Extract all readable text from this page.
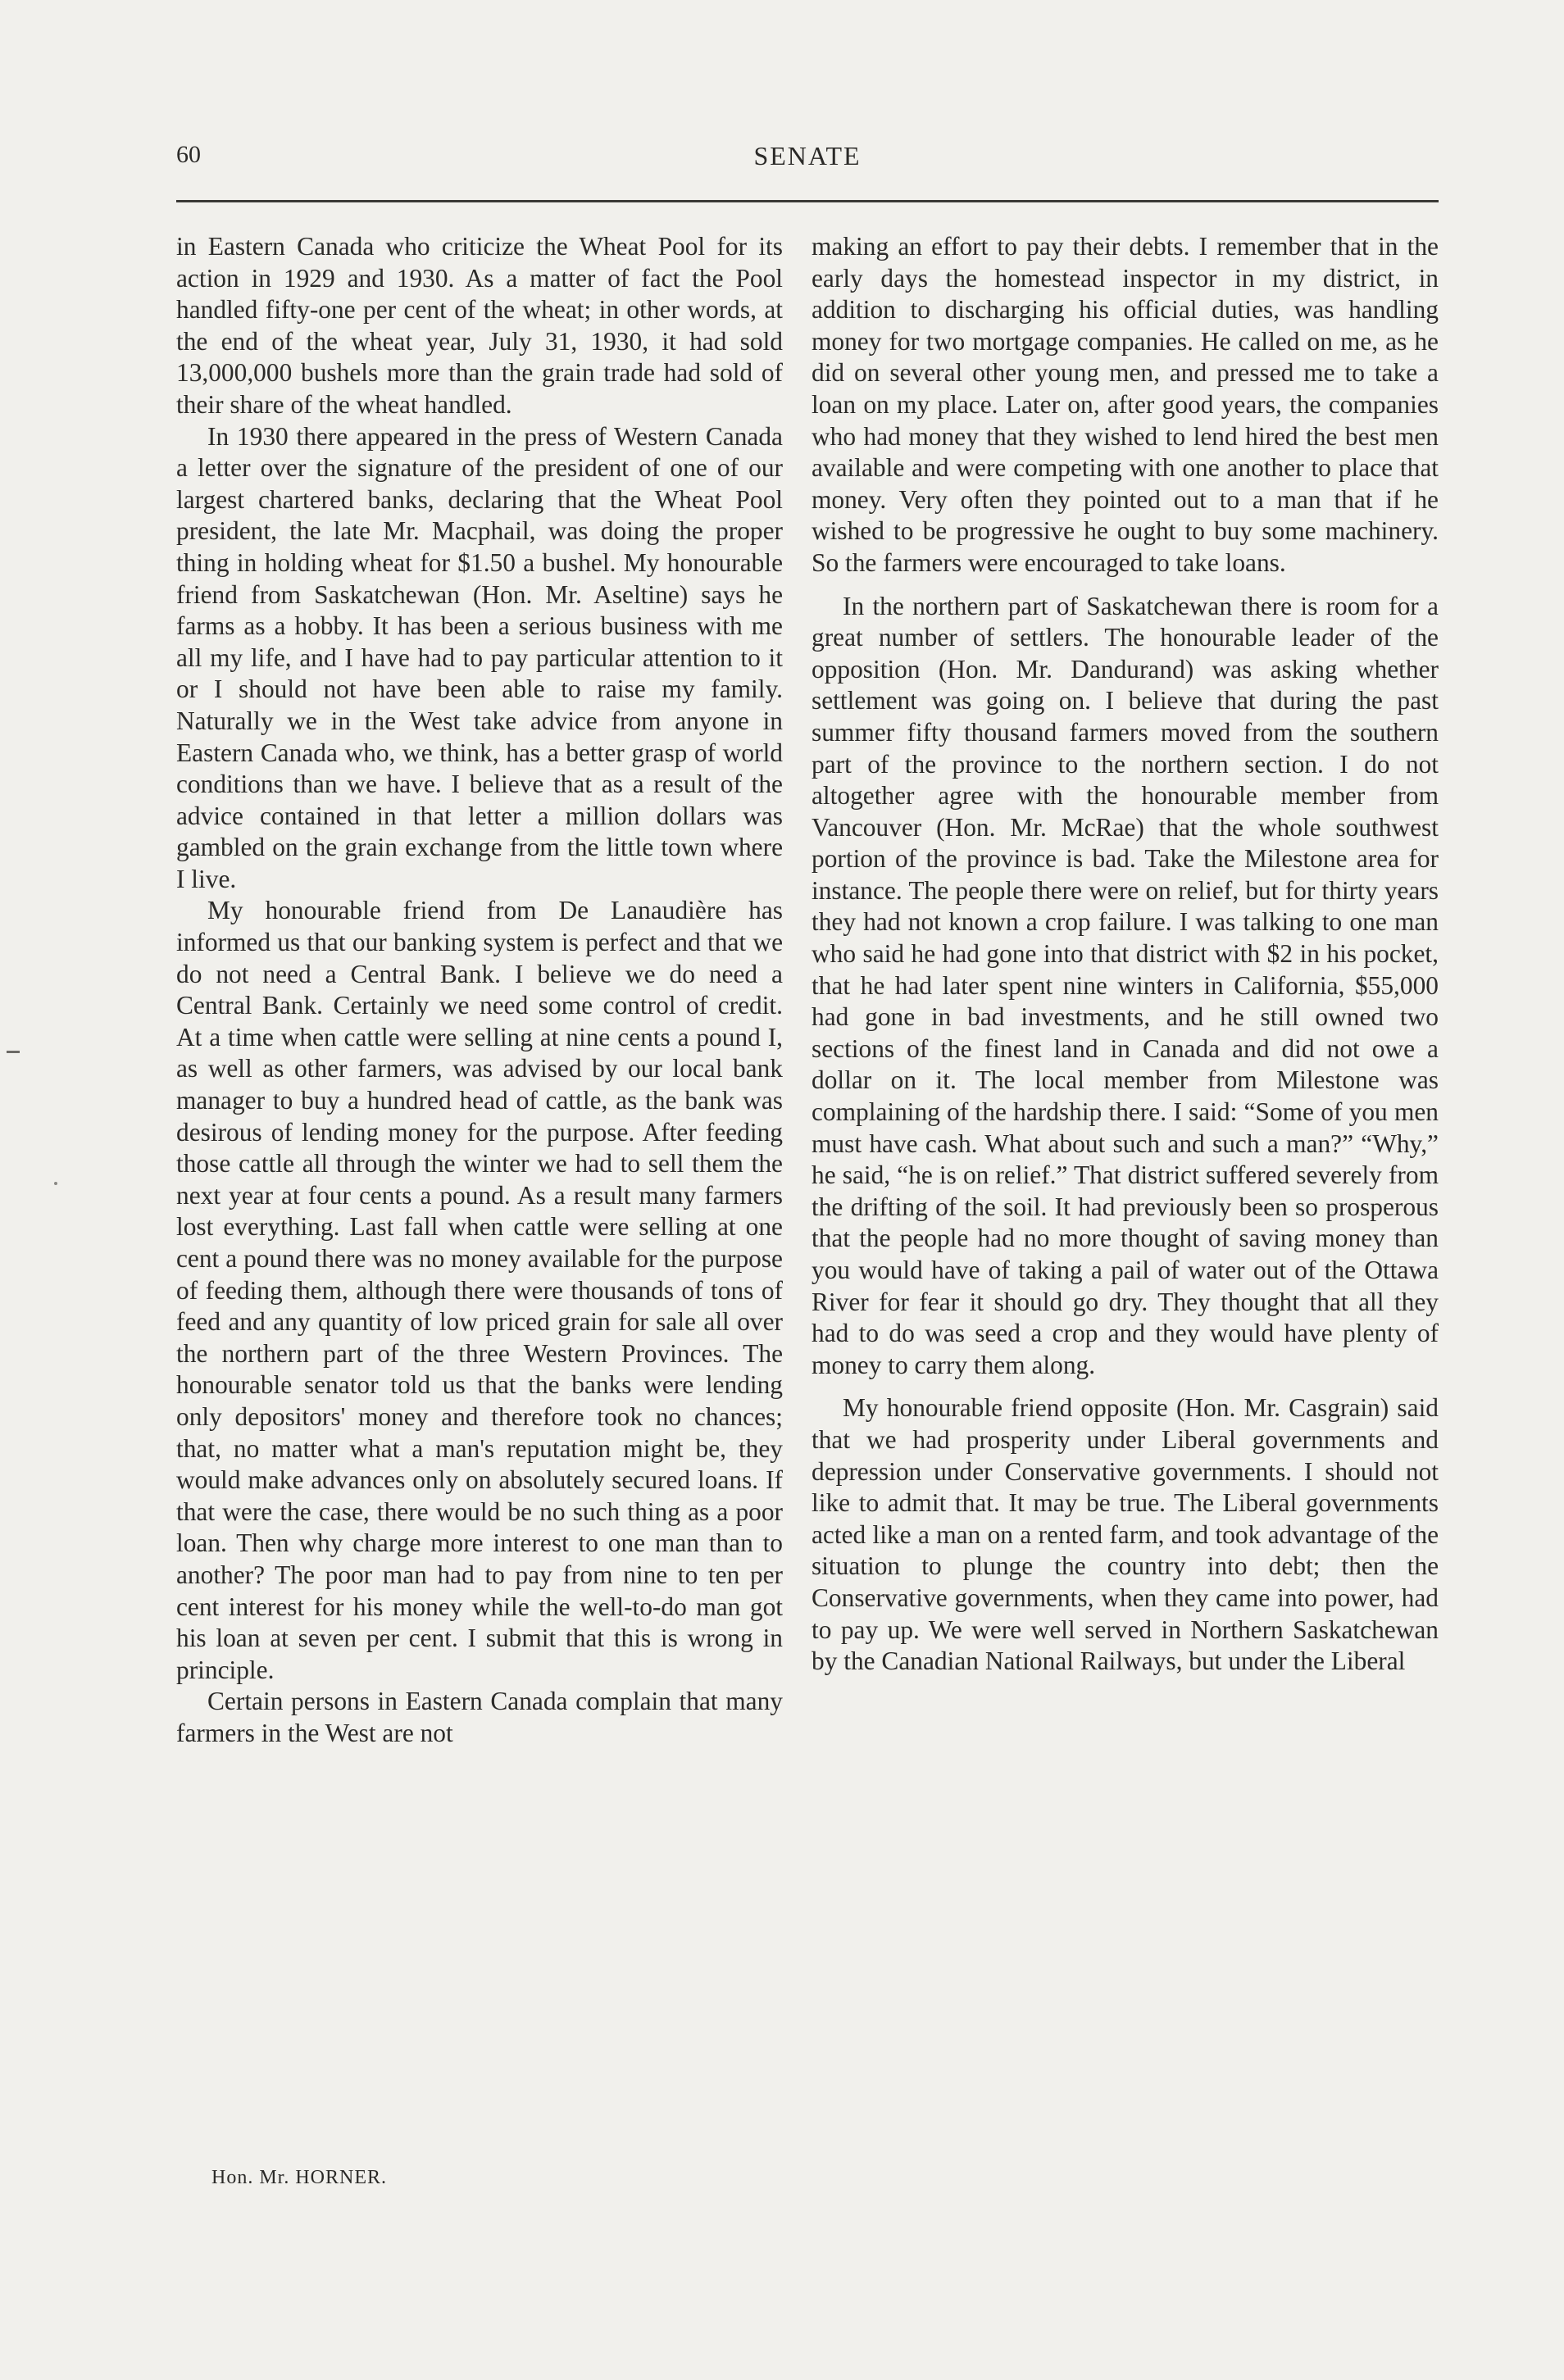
60	SENATE

in Eastern Canada who criticize the Wheat Pool for its action in 1929 and 1930. As a matter of fact the Pool handled fifty-one per cent of the wheat; in other words, at the end of the wheat year, July 31, 1930, it had sold 13,000,000 bushels more than the grain trade had sold of their share of the wheat handled.

In 1930 there appeared in the press of Western Canada a letter over the signature of the president of one of our largest chartered banks, declaring that the Wheat Pool president, the late Mr. Macphail, was doing the proper thing in holding wheat for $1.50 a bushel. My honourable friend from Saskatchewan (Hon. Mr. Aseltine) says he farms as a hobby. It has been a serious business with me all my life, and I have had to pay particular attention to it or I should not have been able to raise my family. Naturally we in the West take advice from anyone in Eastern Canada who, we think, has a better grasp of world conditions than we have. I believe that as a result of the advice contained in that letter a million dollars was gambled on the grain exchange from the little town where I live.

My honourable friend from De Lanaudière has informed us that our banking system is perfect and that we do not need a Central Bank. I believe we do need a Central Bank. Certainly we need some control of credit. At a time when cattle were selling at nine cents a pound I, as well as other farmers, was advised by our local bank manager to buy a hundred head of cattle, as the bank was desirous of lending money for the purpose. After feeding those cattle all through the winter we had to sell them the next year at four cents a pound. As a result many farmers lost everything. Last fall when cattle were selling at one cent a pound there was no money available for the purpose of feeding them, although there were thousands of tons of feed and any quantity of low priced grain for sale all over the northern part of the three Western Provinces. The honourable senator told us that the banks were lending only depositors' money and therefore took no chances; that, no matter what a man's reputation might be, they would make advances only on absolutely secured loans. If that were the case, there would be no such thing as a poor loan. Then why charge more interest to one man than to another? The poor man had to pay from nine to ten per cent interest for his money while the well-to-do man got his loan at seven per cent. I submit that this is wrong in principle.

Certain persons in Eastern Canada complain that many farmers in the West are not

making an effort to pay their debts. I remember that in the early days the homestead inspector in my district, in addition to discharging his official duties, was handling money for two mortgage companies. He called on me, as he did on several other young men, and pressed me to take a loan on my place. Later on, after good years, the companies who had money that they wished to lend hired the best men available and were competing with one another to place that money. Very often they pointed out to a man that if he wished to be progressive he ought to buy some machinery. So the farmers were encouraged to take loans.

In the northern part of Saskatchewan there is room for a great number of settlers. The honourable leader of the opposition (Hon. Mr. Dandurand) was asking whether settlement was going on. I believe that during the past summer fifty thousand farmers moved from the southern part of the province to the northern section. I do not altogether agree with the honourable member from Vancouver (Hon. Mr. McRae) that the whole southwest portion of the province is bad. Take the Milestone area for instance. The people there were on relief, but for thirty years they had not known a crop failure. I was talking to one man who said he had gone into that district with $2 in his pocket, that he had later spent nine winters in California, $55,000 had gone in bad investments, and he still owned two sections of the finest land in Canada and did not owe a dollar on it. The local member from Milestone was complaining of the hardship there. I said: “Some of you men must have cash. What about such and such a man?” “Why,” he said, “he is on relief.” That district suffered severely from the drifting of the soil. It had previously been so prosperous that the people had no more thought of saving money than you would have of taking a pail of water out of the Ottawa River for fear it should go dry. They thought that all they had to do was seed a crop and they would have plenty of money to carry them along.

My honourable friend opposite (Hon. Mr. Casgrain) said that we had prosperity under Liberal governments and depression under Conservative governments. I should not like to admit that. It may be true. The Liberal governments acted like a man on a rented farm, and took advantage of the situation to plunge the country into debt; then the Conservative governments, when they came into power, had to pay up. We were well served in Northern Saskatchewan by the Canadian National Railways, but under the Liberal

Hon. Mr. HORNER.
